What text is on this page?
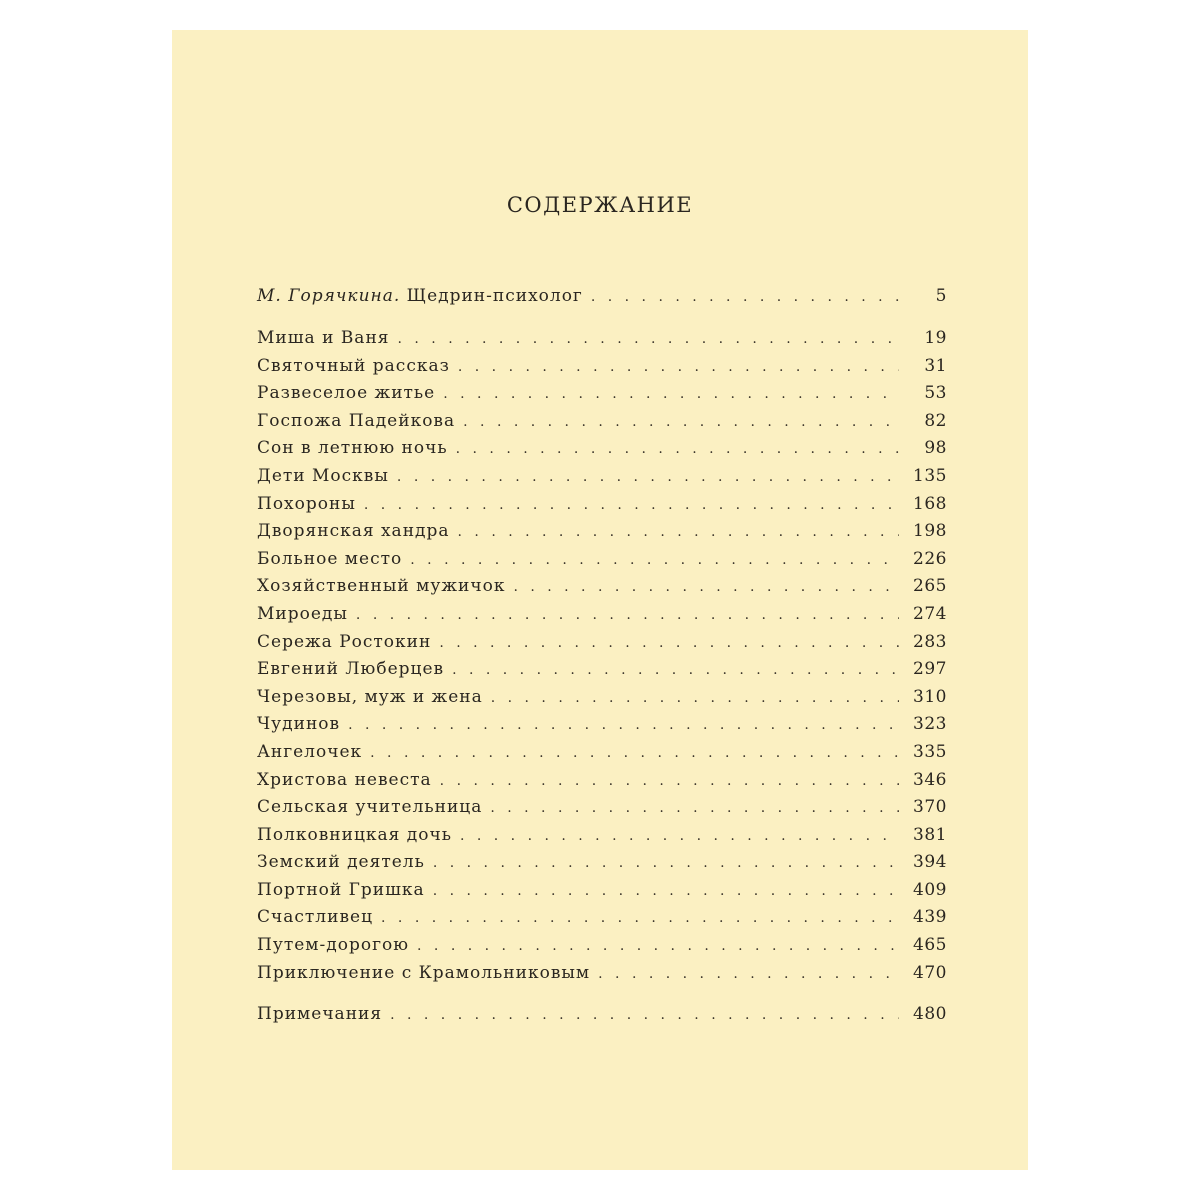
СОДЕРЖАНИЕ
М. Горячкина. Щедрин-психолог . . .	5
Миша и Ваня . . .	19
Святочный рассказ . . .	31
Развеселое житье . . .	53
Госпожа Падейкова . . .	82
Сон в летнюю ночь . . .	98
Дети Москвы . . .	135
Похороны . . .	168
Дворянская хандра . . .	198
Больное место . . .	226
Хозяйственный мужичок . . .	265
Мироеды . . .	274
Сережа Ростокин . . .	283
Евгений Люберцев . . .	297
Черезовы, муж и жена . . .	310
Чудинов . . .	323
Ангелочек . . .	335
Христова невеста . . .	346
Сельская учительница . . .	370
Полковницкая дочь . . .	381
Земский деятель . . .	394
Портной Гришка . . .	409
Счастливец . . .	439
Путем-дорогою . . .	465
Приключение с Крамольниковым . . .	470
Примечания . . .	480
